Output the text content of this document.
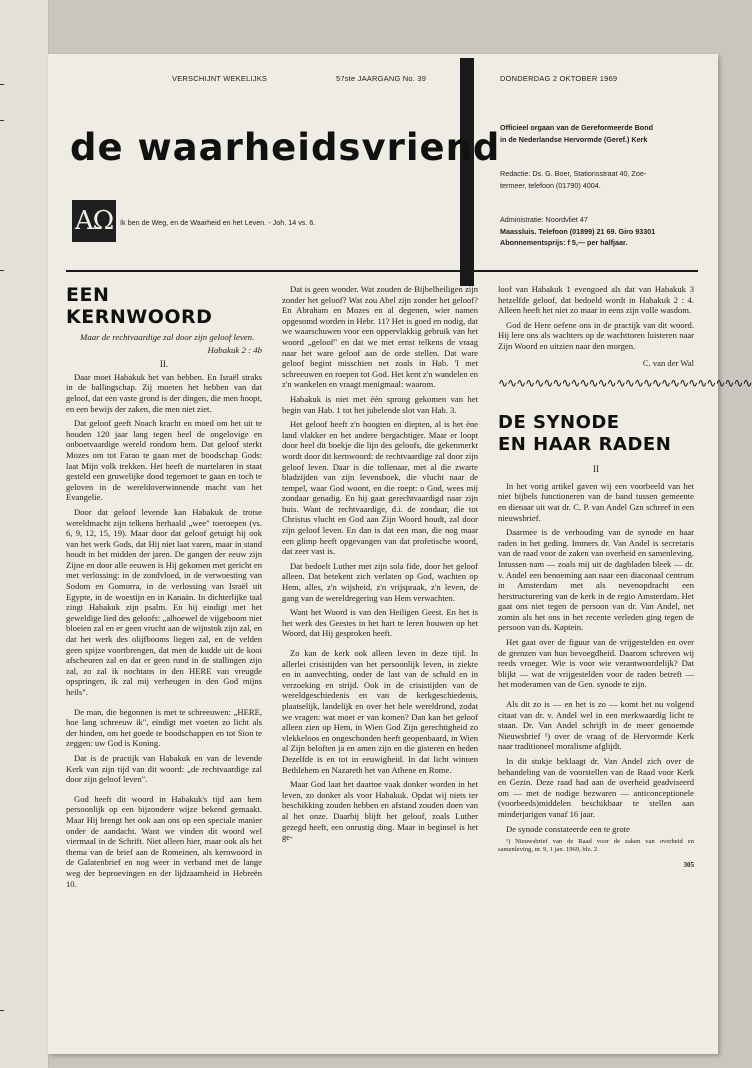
VERSCHIJNT WEKELIJKS	57ste JAARGANG No. 39	DONDERDAG 2 OKTOBER 1969
de waarheidsvriend Officieel orgaan van de Gereformeerde Bond
in de Nederlandse Hervormde (Geref.) Kerk
Redactie: Ds. G. Boer, Stationsstraat 40, Zoe-
termeer, telefoon (01790) 4004.
Administratie: Noordvliet 47
Maassluis. Telefoon (01899) 21 69. Giro 93301
Abonnementsprijs: f 5,— per halfjaar.
ΑΩ Ik ben de Weg, en de Waarheid en het Leven. - Joh. 14 vs. 6.
EEN KERNWOORD
Maar de rechtvaardige zal door zijn geloof leven.
Habakuk 2 : 4b
II.

Daar moet Habakuk het van hebben. En Israël straks in de ballingschap. Zij moeten het hebben van dat geloof, dat een vaste grond is der dingen, die men hoopt, en een bewijs der zaken, die men niet ziet.

Dat geloof geeft Noach kracht en moed om het uit te houden 120 jaar lang tegen heel de ongelovige en onboetvaardige wereld rondom hem. Dat geloof sterkt Mozes om tot Farao te gaan met de boodschap Gods: laat Mijn volk trekken. Het heeft de martelaren in staat gesteld een gruwelijke dood tegemoet te gaan en toch te geloven in de wereldoverwinnende macht van het Evangelie.

Door dat geloof levende kan Habakuk de trotse wereldmacht zijn telkens herhaald „wee" toeroepen (vs. 6, 9, 12, 15, 19). Maar door dat geloof getuigt hij ook van het werk Gods, dat Hij niet laat varen, maar in stand houdt in het midden der jaren. De gangen der eeuw zijn Zijne en door alle eeuwen is Hij gekomen met gericht en met verlossing: in de zondvloed, in de verwoesting van Sodom en Gomorra, in de verlossing van Israël uit Egypte, in de woestijn en in Kanaän. In dichterlijke taal zingt Habakuk zijn psalm. En hij eindigt met het geweldige lied des geloofs: „alhoewel de vijgeboom niet bloeien zal en er geen vrucht aan de wijnstok zijn zal, en dat het werk des olijfbooms liegen zal, en de velden geen spijze voortbrengen, dat men de kudde uit de kooi afscheuren zal en dat er geen rund in de stallingen zijn zal, zo zal ik nochtans in den HERE van vreugde opspringen, ik zal mij verheugen in den God mijns heils".

De man, die begonnen is met te schreeuwen: „HERE, hoe lang schreeuw ik", eindigt met voeten zo licht als der hinden, om het goede te boodschappen en tot Sion te zeggen: uw God is Koning.

Dat is de practijk van Habakuk en van de levende Kerk van zijn tijd van dit woord: „de rechtvaardige zal door zijn geloof leven".

God heeft dit woord in Habakuk's tijd aan hem persoonlijk op een bijzondere wijze bekend gemaakt. Maar Hij brengt het ook aan ons op een speciale manier onder de aandacht. Want we vinden dit woord wel viermaal in de Schrift. Niet alleen hier, maar ook als het thema van de brief aan de Romeinen, als kernwoord in de Galatenbrief en nog weer in verband met de lange weg der beproevingen en der lijdzaamheid in Hebreën 10.

Dat is geen wonder. Wat zouden de Bijbelheiligen zijn zonder het geloof? Wat zou Abel zijn zonder het geloof? En Abraham en Mozes en al degenen, wier namen opgesomd worden in Hebr. 11? Het is goed en nodig, dat we waarschuwen voor een oppervlakkig gebruik van het woord „geloof" en dat we met ernst telkens de vraag naar het ware geloof aan de orde stellen. Dat ware geloof begint misschien net zoals in Hab. 'I met schreeuwen en roepen tot God. Het kent z'n wandelen en z'n wankelen en vraagt menigmaal: waarom.

Habakuk is niet met één sprong gekomen van het begin van Hab. 1 tot het jubelende slot van Hab. 3.

Het geloof heeft z'n hoogten en diepten, al is het ène land vlakker en het andere bergachtiger. Maar er loopt door heel dit boekje die lijn des geloofs, die gekenmerkt wordt door dit kernwoord: de rechtvaardige zal door zijn geloof leven. Daar is die tollenaar, met al die zwarte bladzijden van zijn levensboek, die vlucht naar de tempel, waar God woont, en die roept: o God, wees mij zondaar genadig. En hij gaat gerechtvaardigd naar zijn huis. Want de rechtvaardige, d.i. de zondaar, die tot Christus vlucht en God aan Zijn Woord houdt, zal door zijn geloof leven. En dan is dat een man, die nog maar een glimp heeft opgevangen van dat profetische woord, dat zeer vast is.

Dat bedoelt Luther met zijn sola fide, door het geloof alleen. Dat betekent zich verlaten op God, wachten op Hem, alles, z'n wijsheid, z'n vrijspraak, z'n leven, de gang van de wereldregering van Hem verwachten.

Want het Woord is van den Heiligen Geest. En het is het werk des Geestes in het hart te leren houwen op het Woord, dat Hij gesproken heeft.

Zo kan de kerk ook alleen leven in deze tijd. In allerlei crisistijden van het persoonlijk leven, in ziekte en in aanvechting, onder de last van de schuld en in verzoeking en strijd. Ook in de crisistijden van de wereldgeschiedenis en van de kerkgeschiedenis, plaatselijk, landelijk en over het hele wereldrond, zodat we vragen: wat moet er van komen? Dan kan het geloof alleen zien op Hem, in Wien God Zijn gerechtigheid zo vlekkeloos en ongeschonden heeft geopenbaard, in Wien al Zijn beloften ja en amen zijn en die gisteren en heden Dezelfde is en tot in eeuwigheid. In dat licht winnen Bethlehem en Nazareth het van Athene en Rome.

Maar God laat het daartoe vaak donker worden in het leven, zo donker als voor Habakuk. Opdat wij niets ter beschikking zouden hebben en afstand zouden doen van al het onze. Daarbij blijft het geloof, zoals Luther gezegd heeft, een onrustig ding. Maar in beginsel is het ge-

loof van Habakuk 1 evengoed als dat van Habakuk 3 hetzelfde geloof, dat bedoeld wordt in Habakuk 2 : 4. Alleen heeft het niet zo maar in eens zijn volle wasdom.

God de Here oefene ons in de practijk van dit woord. Hij lere ons als wachters op de wachttoren luisteren naar Zijn Woord en uitzien naar den morgen.

C. van der Wal
∿∿∿∿∿∿∿∿∿∿∿∿∿∿∿∿∿∿∿∿∿∿∿∿∿∿∿∿
DE SYNODE
EN HAAR RADEN
II

In het vorig artikel gaven wij een voorbeeld van het niet bijbels functioneren van de band tussen gemeente en dienaar uit wat dr. C. P. van Andel Gzn schreef in een nieuwsbrief.

Daarmee is de verhouding van de synode en haar raden in het geding. Immers dr. Van Andel is secretaris van de raad voor de zaken van overheid en samenleving. Intussen nam — zoals mij uit de dagbladen bleek — dr. v. Andel een benoeming aan naar een diaconaal centrum in Amsterdam met als nevenopdracht een herstructurering van de kerk in de regio Amsterdam. Het gaat ons niet tegen de persoon van dr. Van Andel, net zomin als het ons in het recente verleden ging tegen de persoon van ds. Kaptein.

Het gaat over de figuur van de vrijgestelden en over de grenzen van hun bevoegdheid. Daarom schreven wij reeds vroeger. Wie is voor wie verantwoordelijk? Dat blijkt — wat de vrijgestelden voor de raden betreft — het moderamen van de Gen. synode te zijn.

Als dit zo is — en het is zo — komt het nu volgend citaat van dr. v. Andel wel in een merkwaardig licht te staan. Dr. Van Andel schrijft in de meer genoemde Nieuwsbrief ¹) over de vraag of de Hervormde Kerk naar traditioneel moralisme afglijdt.

In dit stukje beklaagt dr. Van Andel zich over de behandeling van de voorstellen van de Raad voor Kerk en Gezin. Deze raad had aan de overheid geadviseerd om — met de nodige bezwaren — anticonceptionele (voorbeeds)middelen beschikbaar te stellen aan minderjarigen vanaf 16 jaar.

De synode constateerde een te grote

¹) Nieuwsbrief van de Raad voor de zaken van overheid en samenleving, nr. 9, 1 jan. 1969, blz. 2.

305
